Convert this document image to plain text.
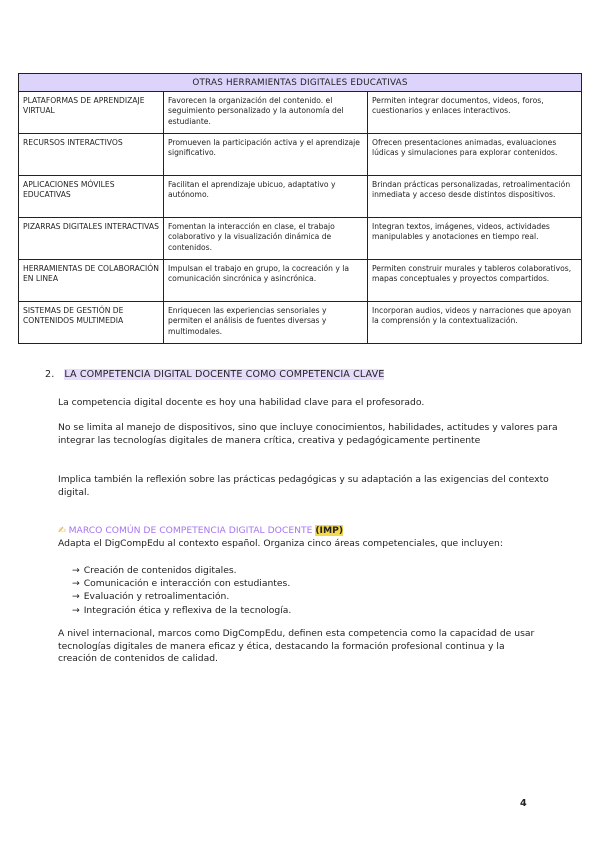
OTRAS HERRAMIENTAS DIGITALES EDUCATIVAS		
PLATAFORMAS DE APRENDIZAJE VIRTUAL	Favorecen la organización del contenido. el seguimiento personalizado y la autonomía del estudiante.	Permiten integrar documentos, videos, foros, cuestionarios y enlaces interactivos.
RECURSOS INTERACTIVOS	Promueven la participación activa y el aprendizaje significativo.	Ofrecen presentaciones animadas, evaluaciones lúdicas y simulaciones para explorar contenidos.
APLICACIONES MÓVILES EDUCATIVAS	Facilitan el aprendizaje ubicuo, adaptativo y autónomo.	Brindan prácticas personalizadas, retroalimentación inmediata y acceso desde distintos dispositivos.
PIZARRAS DIGITALES INTERACTIVAS	Fomentan la interacción en clase, el trabajo colaborativo y la visualización dinámica de contenidos.	Integran textos, imágenes, videos, actividades manipulables y anotaciones en tiempo real.
HERRAMIENTAS DE COLABORACIÓN EN LINEA	Impulsan el trabajo en grupo, la cocreación y la comunicación sincrónica y asincrónica.	Permiten construir murales y tableros colaborativos, mapas conceptuales y proyectos compartidos.
SISTEMAS DE GESTIÓN DE CONTENIDOS MULTIMEDIA	Enriquecen las experiencias sensoriales y permiten el análisis de fuentes diversas y multimodales.	Incorporan audios, videos y narraciones que apoyan la comprensión y la contextualización.
2. LA COMPETENCIA DIGITAL DOCENTE COMO COMPETENCIA CLAVE
La competencia digital docente es hoy una habilidad clave para el profesorado.
No se limita al manejo de dispositivos, sino que incluye conocimientos, habilidades, actitudes y valores para integrar las tecnologías digitales de manera crítica, creativa y pedagógicamente pertinente
Implica también la reflexión sobre las prácticas pedagógicas y su adaptación a las exigencias del contexto digital.
✍ MARCO COMÚN DE COMPETENCIA DIGITAL DOCENTE (IMP)
Adapta el DigCompEdu al contexto español. Organiza cinco áreas competenciales, que incluyen:
→ Creación de contenidos digitales.
→ Comunicación e interacción con estudiantes.
→ Evaluación y retroalimentación.
→ Integración ética y reflexiva de la tecnología.
A nivel internacional, marcos como DigCompEdu, definen esta competencia como la capacidad de usar tecnologías digitales de manera eficaz y ética, destacando la formación profesional continua y la creación de contenidos de calidad.
4
